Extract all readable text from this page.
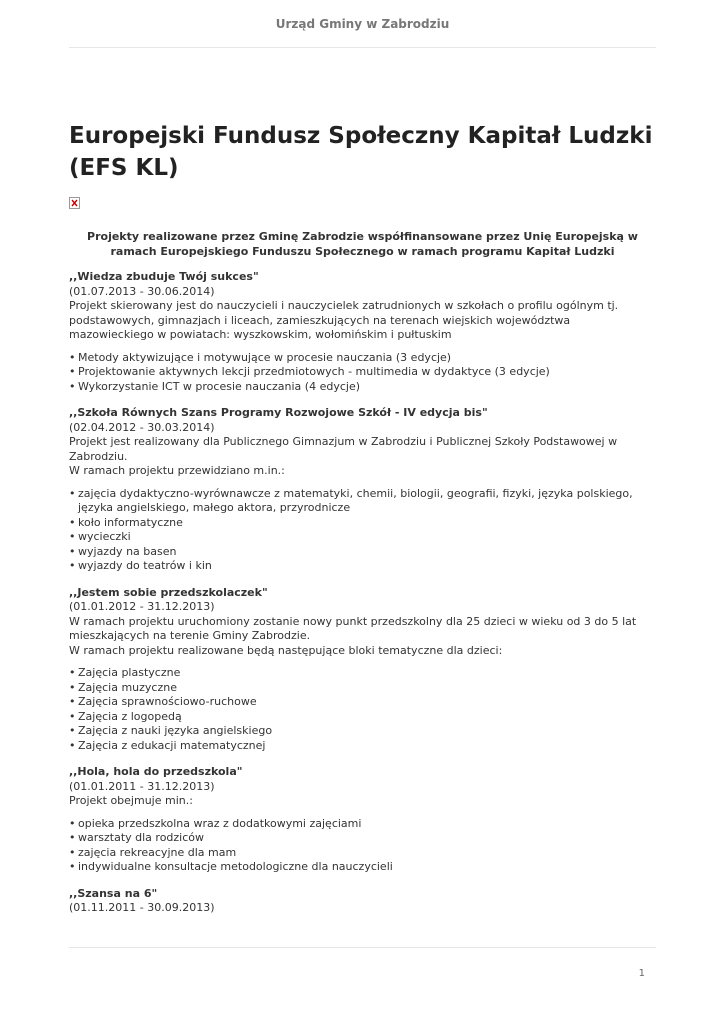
Urząd Gminy w Zabrodziu
Europejski Fundusz Społeczny Kapitał Ludzki (EFS KL)

Projekty realizowane przez Gminę Zabrodzie współfinansowane przez Unię Europejską w ramach Europejskiego Funduszu Społecznego w ramach programu Kapitał Ludzki

,,Wiedza zbuduje Twój sukces"

(01.07.2013 - 30.06.2014)

Projekt skierowany jest do nauczycieli i nauczycielek zatrudnionych w szkołach o profilu ogólnym tj. podstawowych, gimnazjach i liceach, zamieszkujących na terenach wiejskich województwa mazowieckiego w powiatach: wyszkowskim, wołomińskim i pułtuskim

• Metody aktywizujące i motywujące w procesie nauczania (3 edycje)
• Projektowanie aktywnych lekcji przedmiotowych - multimedia w dydaktyce (3 edycje)
• Wykorzystanie ICT w procesie nauczania (4 edycje)

,,Szkoła Równych Szans Programy Rozwojowe Szkół - IV edycja bis"

(02.04.2012 - 30.03.2014)

Projekt jest realizowany dla Publicznego Gimnazjum w Zabrodziu i Publicznej Szkoły Podstawowej w Zabrodziu.

W ramach projektu przewidziano m.in.:

• zajęcia dydaktyczno-wyrównawcze z matematyki, chemii, biologii, geografii, fizyki, języka polskiego, języka angielskiego, małego aktora, przyrodnicze
• koło informatyczne
• wycieczki
• wyjazdy na basen
• wyjazdy do teatrów i kin

,,Jestem sobie przedszkolaczek"

(01.01.2012 - 31.12.2013)

W ramach projektu uruchomiony zostanie nowy punkt przedszkolny dla 25 dzieci w wieku od 3 do 5 lat mieszkających na terenie Gminy Zabrodzie.

W ramach projektu realizowane będą następujące bloki tematyczne dla dzieci:

• Zajęcia plastyczne
• Zajęcia muzyczne
• Zajęcia sprawnościowo-ruchowe
• Zajęcia z logopedą
• Zajęcia z nauki języka angielskiego
• Zajęcia z edukacji matematycznej

,,Hola, hola do przedszkola"

(01.01.2011 - 31.12.2013)

Projekt obejmuje min.:

• opieka przedszkolna wraz z dodatkowymi zajęciami
• warsztaty dla rodziców
• zajęcia rekreacyjne dla mam
• indywidualne konsultacje metodologiczne dla nauczycieli

,,Szansa na 6"

(01.11.2011 - 30.09.2013)

1
